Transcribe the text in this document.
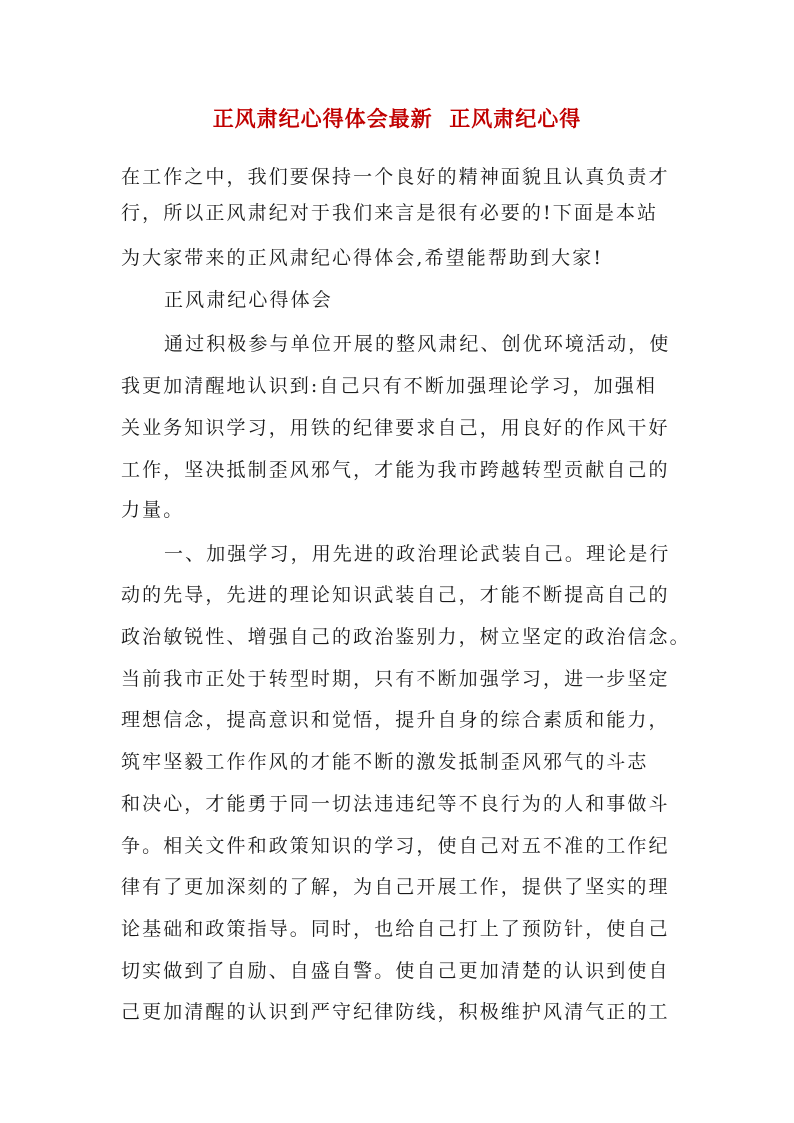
正风肃纪心得体会最新  正风肃纪心得
在工作之中，我们要保持一个良好的精神面貌且认真负责才
行，所以正风肃纪对于我们来言是很有必要的!下面是本站
为大家带来的正风肃纪心得体会,希望能帮助到大家!
正风肃纪心得体会
通过积极参与单位开展的整风肃纪、创优环境活动，使
我更加清醒地认识到:自己只有不断加强理论学习，加强相
关业务知识学习，用铁的纪律要求自己，用良好的作风干好
工作，坚决抵制歪风邪气，才能为我市跨越转型贡献自己的
力量。
一、加强学习，用先进的政治理论武装自己。理论是行
动的先导，先进的理论知识武装自己，才能不断提高自己的
政治敏锐性、增强自己的政治鉴别力，树立坚定的政治信念。
当前我市正处于转型时期，只有不断加强学习，进一步坚定
理想信念，提高意识和觉悟，提升自身的综合素质和能力，
筑牢坚毅工作作风的才能不断的激发抵制歪风邪气的斗志
和决心，才能勇于同一切法违违纪等不良行为的人和事做斗
争。相关文件和政策知识的学习，使自己对五不准的工作纪
律有了更加深刻的了解，为自己开展工作，提供了坚实的理
论基础和政策指导。同时，也给自己打上了预防针，使自己
切实做到了自励、自盛自警。使自己更加清楚的认识到使自
己更加清醒的认识到严守纪律防线，积极维护风清气正的工
